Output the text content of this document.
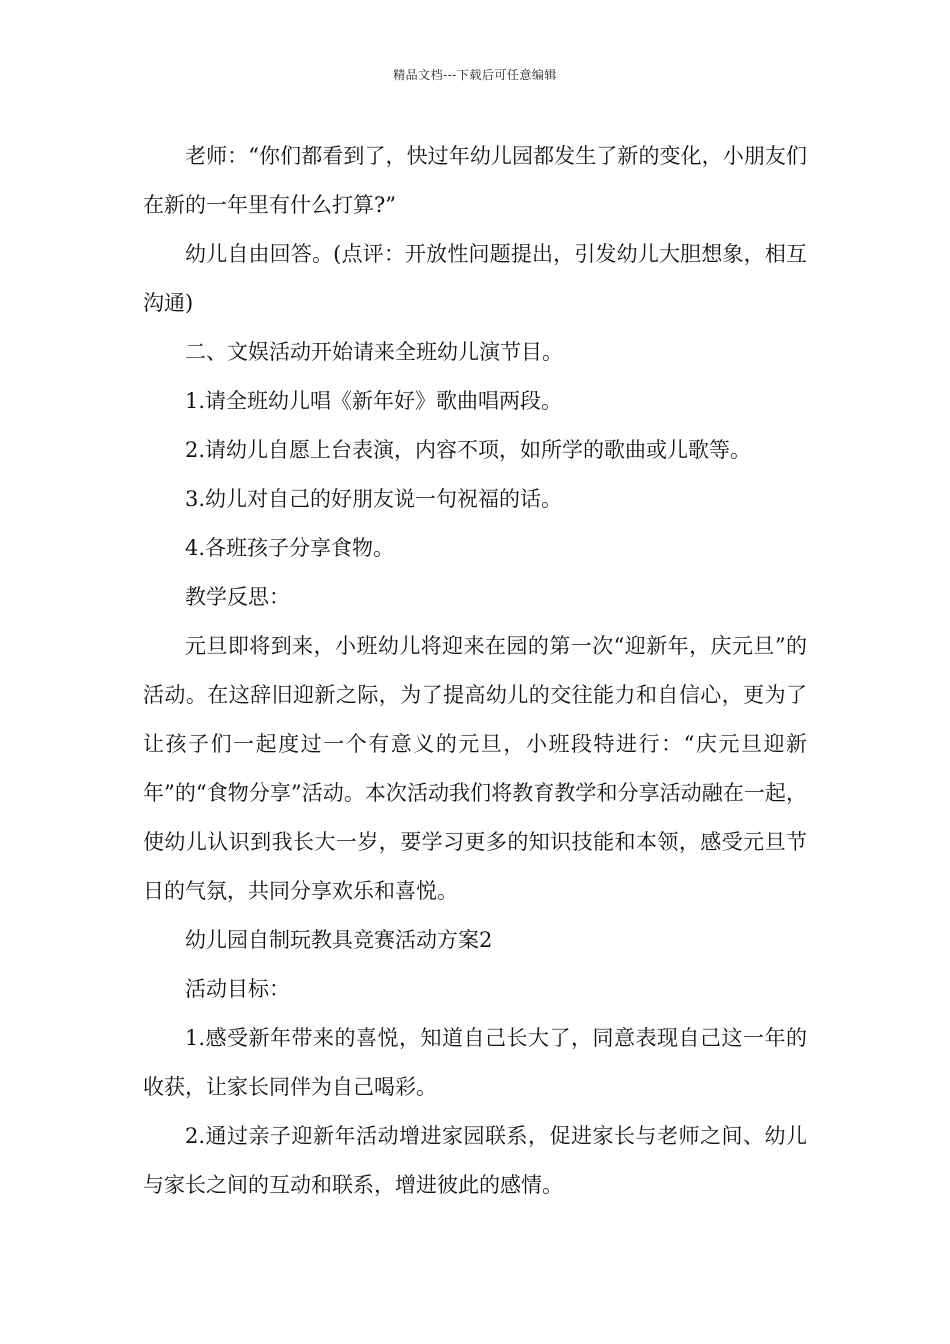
精品文档---下载后可任意编辑

老师：“你们都看到了，快过年幼儿园都发生了新的变化，小朋友们在新的一年里有什么打算?”

幼儿自由回答。(点评：开放性问题提出，引发幼儿大胆想象，相互沟通)

二、文娱活动开始请来全班幼儿演节目。

1.请全班幼儿唱《新年好》歌曲唱两段。

2.请幼儿自愿上台表演，内容不项，如所学的歌曲或儿歌等。

3.幼儿对自己的好朋友说一句祝福的话。

4.各班孩子分享食物。

教学反思：

元旦即将到来，小班幼儿将迎来在园的第一次“迎新年，庆元旦”的活动。在这辞旧迎新之际，为了提高幼儿的交往能力和自信心，更为了让孩子们一起度过一个有意义的元旦，小班段特进行：“庆元旦迎新年”的“食物分享”活动。本次活动我们将教育教学和分享活动融在一起，使幼儿认识到我长大一岁，要学习更多的知识技能和本领，感受元旦节日的气氛，共同分享欢乐和喜悦。

幼儿园自制玩教具竞赛活动方案2

活动目标：

1.感受新年带来的喜悦，知道自己长大了，同意表现自己这一年的收获，让家长同伴为自己喝彩。

2.通过亲子迎新年活动增进家园联系，促进家长与老师之间、幼儿与家长之间的互动和联系，增进彼此的感情。
